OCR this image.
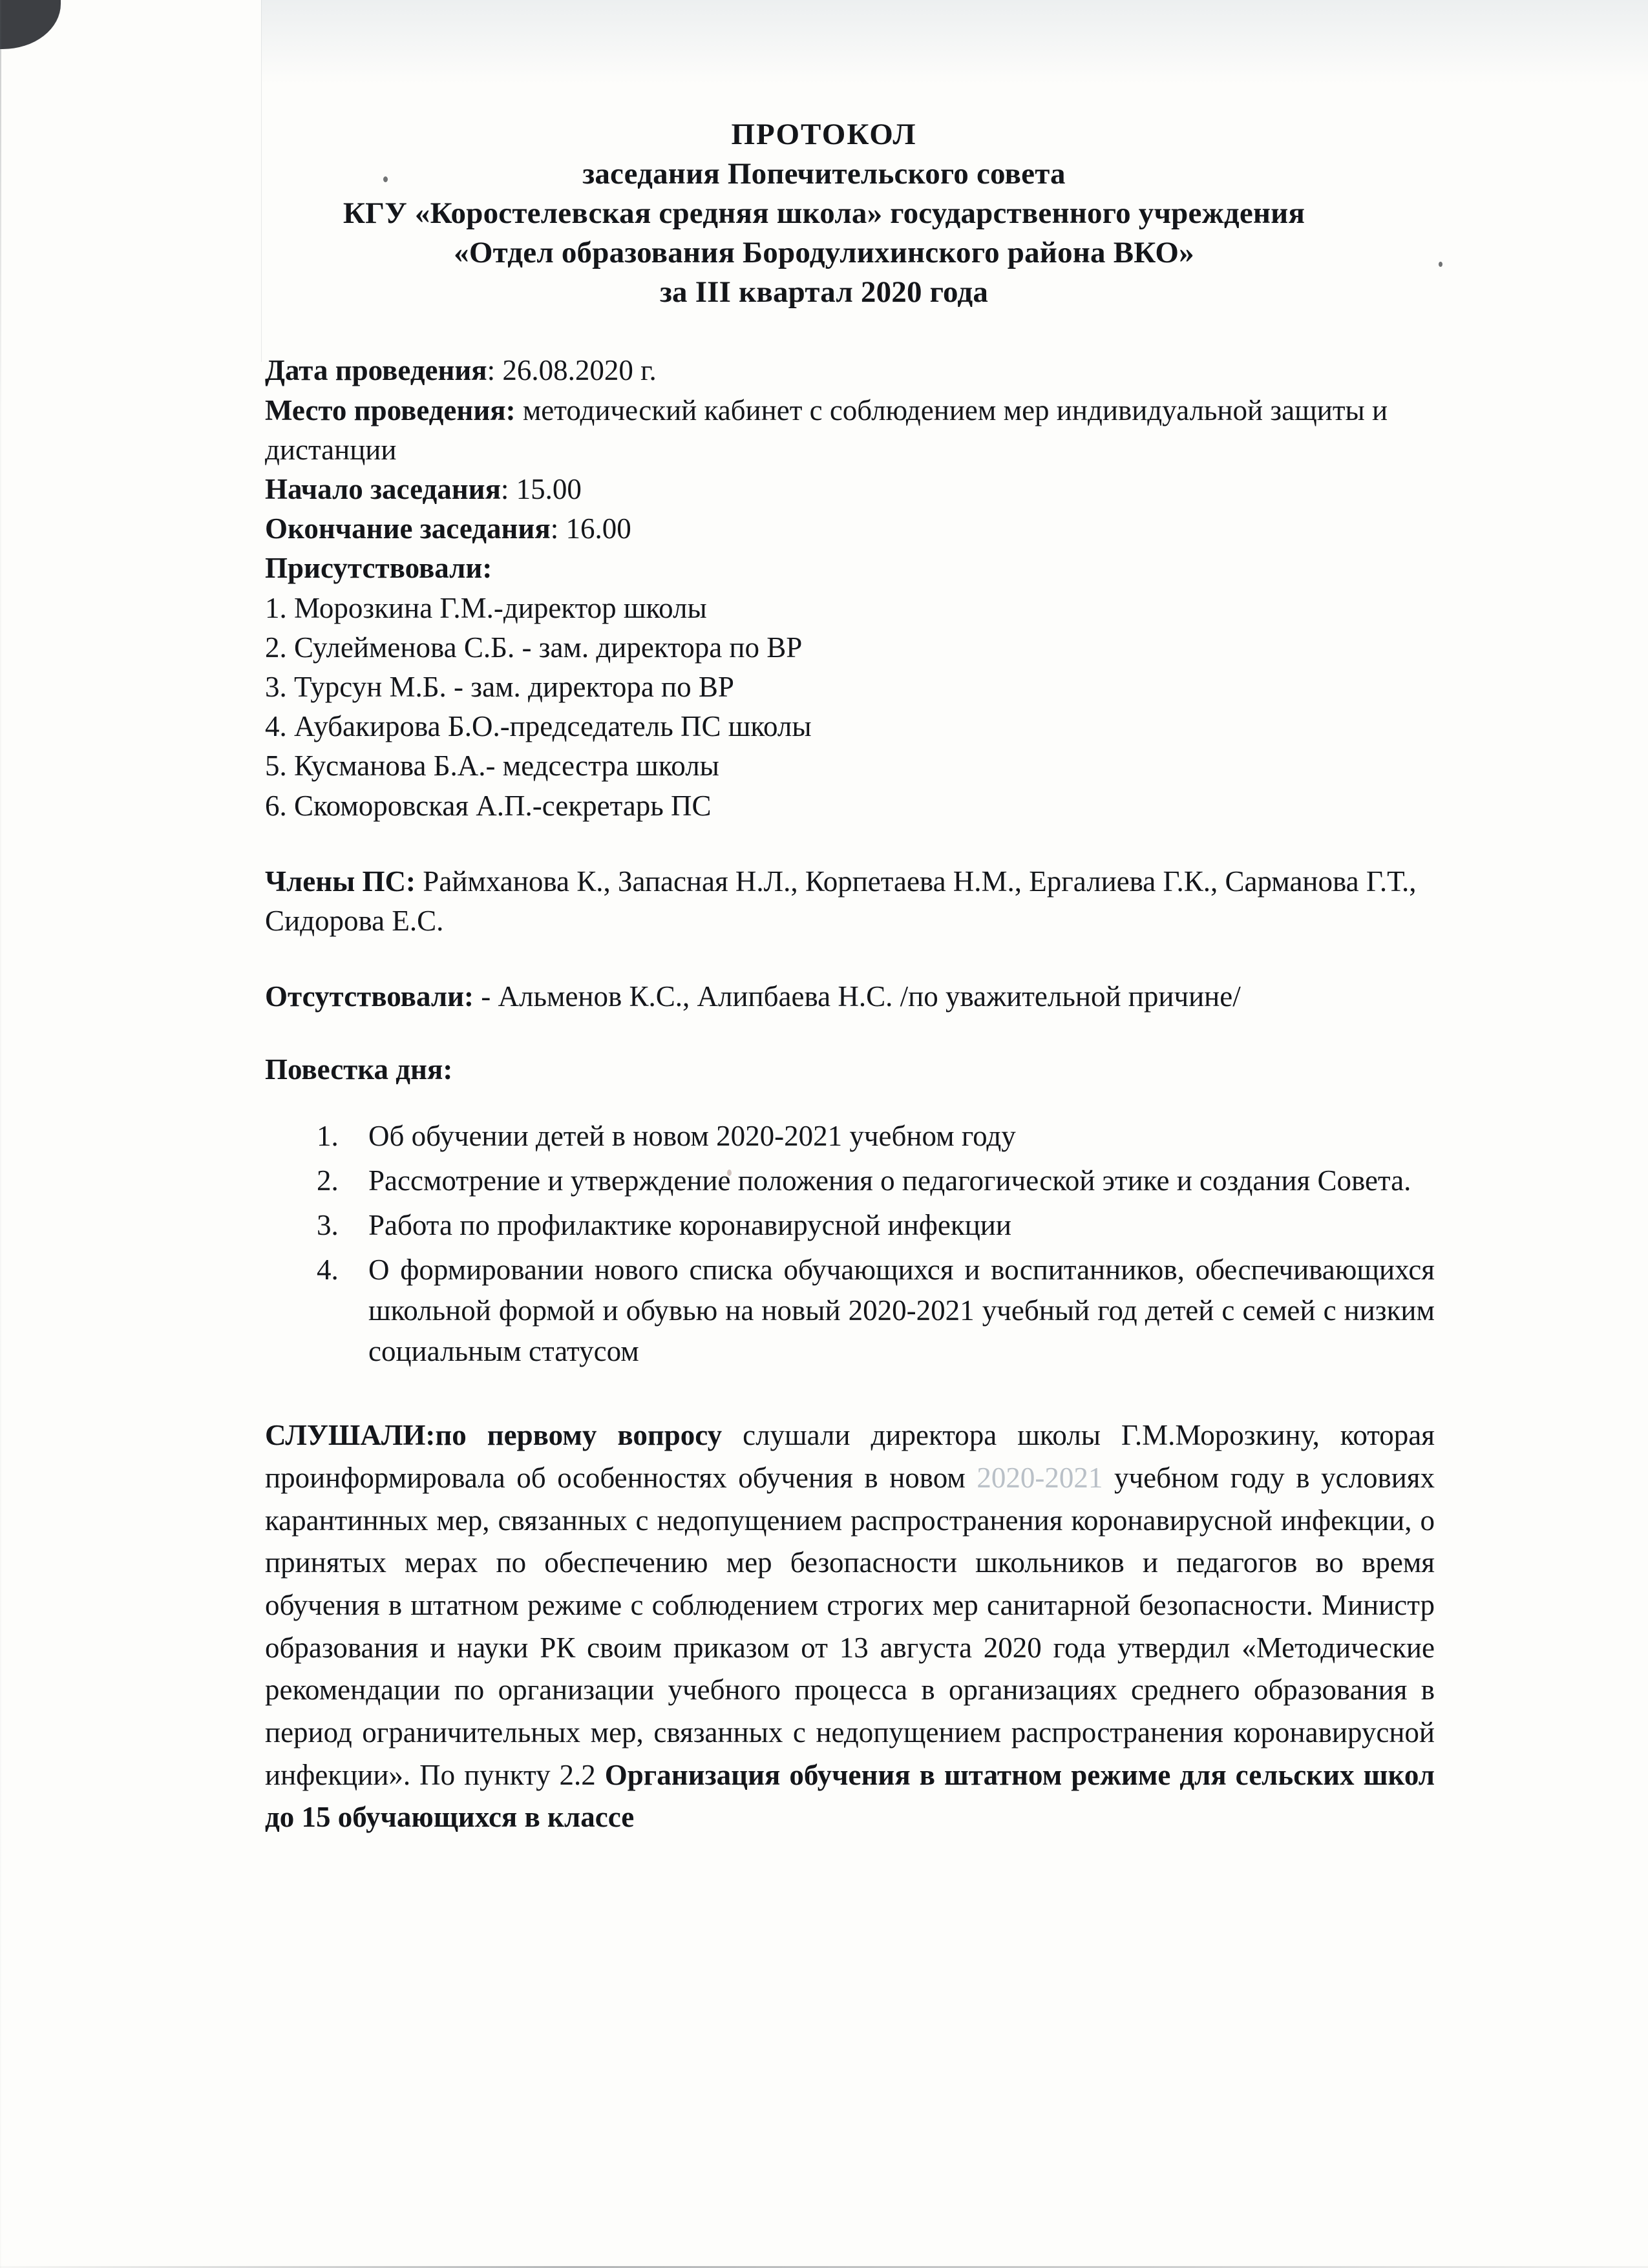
ПРОТОКОЛ
заседания Попечительского совета
КГУ «Коростелевская средняя школа» государственного учреждения
«Отдел образования Бородулихинского района ВКО»
за III квартал 2020 года
Дата проведения: 26.08.2020 г.
Место проведения: методический кабинет с соблюдением мер индивидуальной защиты и дистанции
Начало заседания: 15.00
Окончание заседания: 16.00
Присутствовали:
1. Морозкина Г.М.-директор школы
2. Сулейменова С.Б. - зам. директора по ВР
3. Турсун М.Б. - зам. директора по ВР
4. Аубакирова Б.О.-председатель ПС школы
5. Кусманова Б.А.- медсестра школы
6. Скоморовская А.П.-секретарь ПС
Члены ПС: Раймханова К., Запасная Н.Л., Корпетаева Н.М., Ергалиева Г.К., Сарманова Г.Т., Сидорова Е.С.
Отсутствовали: - Альменов К.С., Алипбаева Н.С. /по уважительной причине/
Повестка дня:
Об обучении детей в новом 2020-2021 учебном году
Рассмотрение и утверждение положения о педагогической этике и создания Совета.
Работа по профилактике коронавирусной инфекции
О формировании нового списка обучающихся и воспитанников, обеспечивающихся школьной формой и обувью на новый 2020-2021 учебный год детей с семей с низким социальным статусом
СЛУШАЛИ:по первому вопросу слушали директора школы Г.М.Морозкину, которая проинформировала об особенностях обучения в новом 2020-2021 учебном году в условиях карантинных мер, связанных с недопущением распространения коронавирусной инфекции, о принятых мерах по обеспечению мер безопасности школьников и педагогов во время обучения в штатном режиме с соблюдением строгих мер санитарной безопасности. Министр образования и науки РК своим приказом от 13 августа 2020 года утвердил «Методические рекомендации по организации учебного процесса в организациях среднего образования в период ограничительных мер, связанных с недопущением распространения коронавирусной инфекции». По пункту 2.2 Организация обучения в штатном режиме для сельских школ до 15 обучающихся в классе
